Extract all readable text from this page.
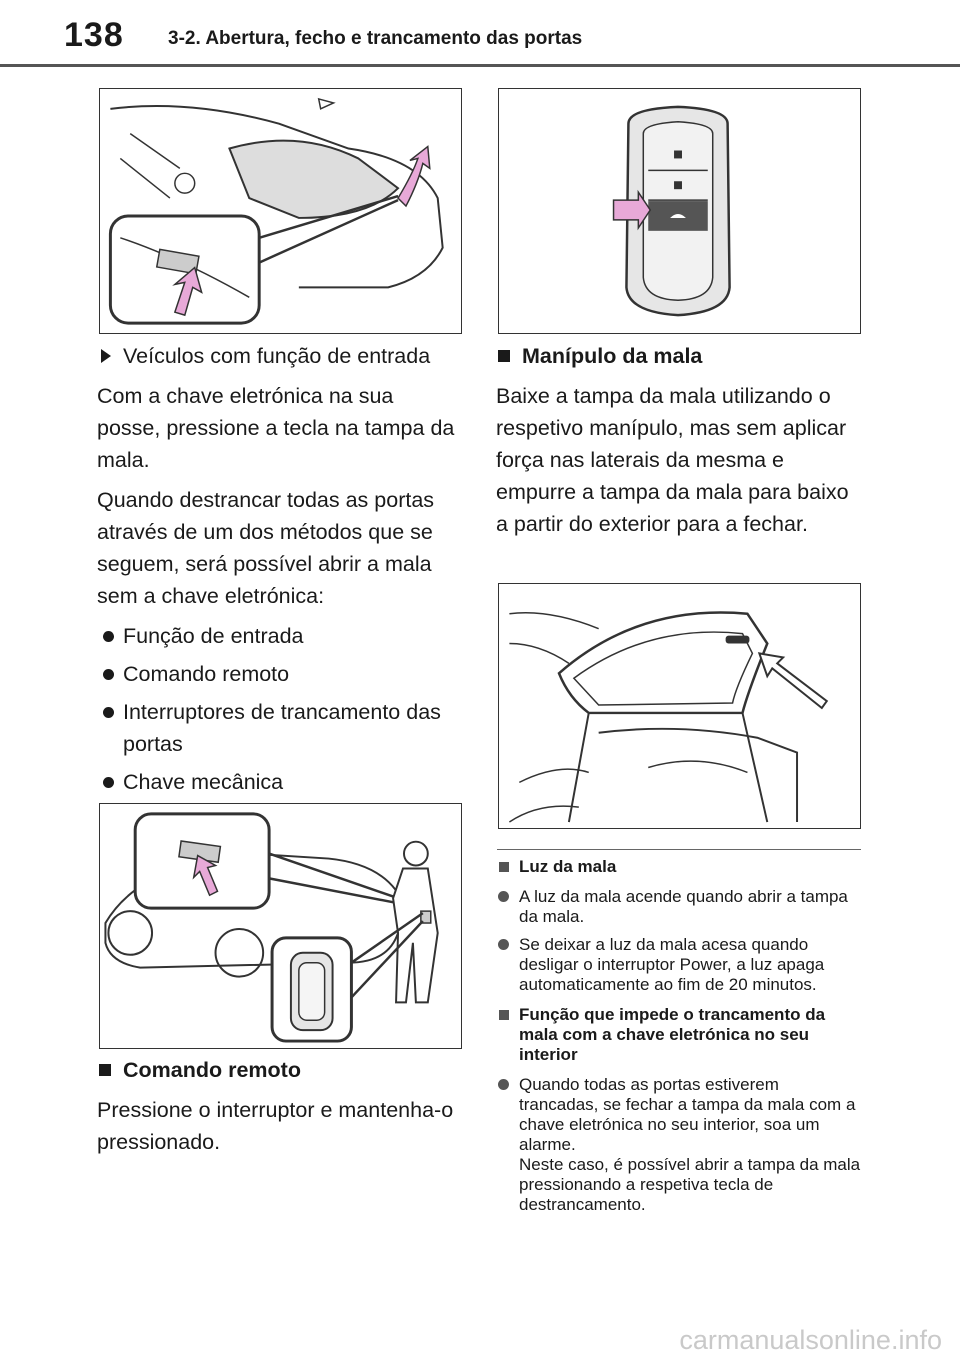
138 3-2. Abertura, fecho e trancamento das portas

Veículos com função de entrada

Com a chave eletrónica na sua posse, pressione a tecla na tampa da mala.

Quando destrancar todas as portas através de um dos métodos que se seguem, será possível abrir a mala sem a chave eletrónica:

Função de entrada

Comando remoto

Interruptores de trancamento das portas

Chave mecânica

Comando remoto

Pressione o interruptor e mantenha-o pressionado.

Manípulo da mala

Baixe a tampa da mala utilizando o respetivo manípulo, mas sem aplicar força nas laterais da mesma e empurre a tampa da mala para baixo a partir do exterior para a fechar.

Luz da mala

A luz da mala acende quando abrir a tampa da mala.

Se deixar a luz da mala acesa quando desligar o interruptor Power, a luz apaga automaticamente ao fim de 20 minutos.

Função que impede o trancamento da mala com a chave eletrónica no seu interior

Quando todas as portas estiverem trancadas, se fechar a tampa da mala com a chave eletrónica no seu interior, soa um alarme.

Neste caso, é possível abrir a tampa da mala pressionando a respetiva tecla de destrancamento.

carmanualsonline.info
